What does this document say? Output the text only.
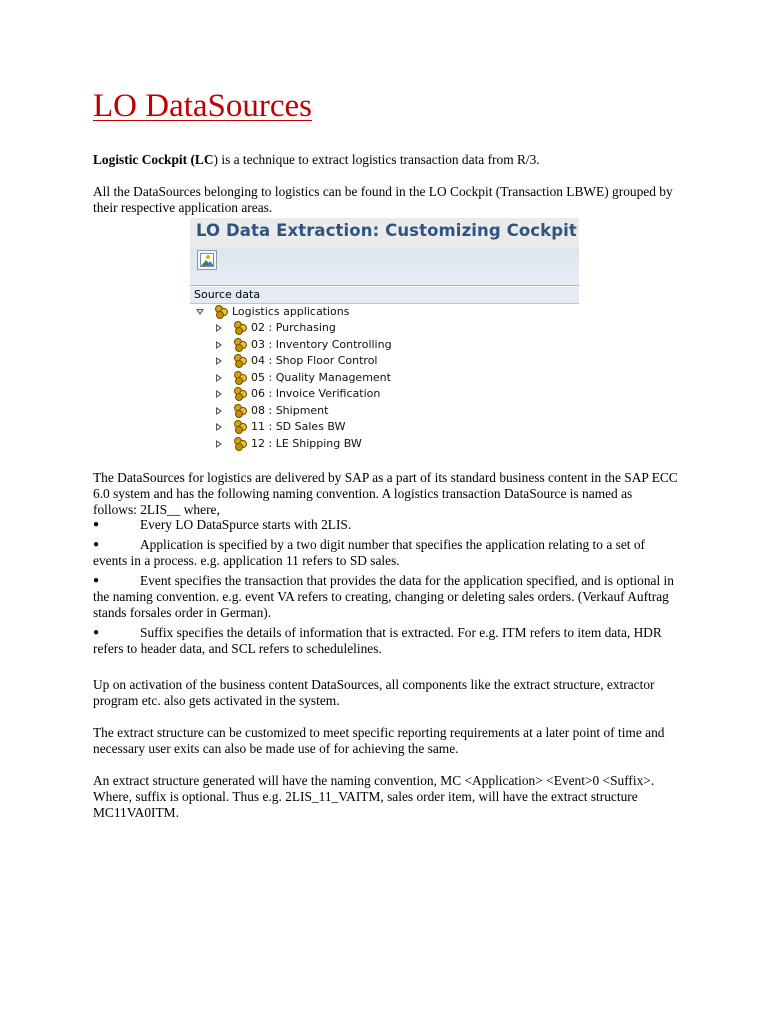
LO DataSources

Logistic Cockpit (LC) is a technique to extract logistics transaction data from R/3.

All the DataSources belonging to logistics can be found in the LO Cockpit (Transaction LBWE) grouped by their respective application areas.

LO Data Extraction: Customizing Cockpit
Source data
Logistics applications
02 : Purchasing
03 : Inventory Controlling
04 : Shop Floor Control
05 : Quality Management
06 : Invoice Verification
08 : Shipment
11 : SD Sales BW
12 : LE Shipping BW

The DataSources for logistics are delivered by SAP as a part of its standard business content in the SAP ECC 6.0 system and has the following naming convention. A logistics transaction DataSource is named as follows: 2LIS__ where,

●	Every LO DataSpurce starts with 2LIS.
●	Application is specified by a two digit number that specifies the application relating to a set of events in a process. e.g. application 11 refers to SD sales.
●	Event specifies the transaction that provides the data for the application specified, and is optional in the naming convention. e.g. event VA refers to creating, changing or deleting sales orders. (Verkauf Auftrag stands forsales order in German).
●	Suffix specifies the details of information that is extracted. For e.g. ITM refers to item data, HDR refers to header data, and SCL refers to schedulelines.

Up on activation of the business content DataSources, all components like the extract structure, extractor program etc. also gets activated in the system.

The extract structure can be customized to meet specific reporting requirements at a later point of time and necessary user exits can also be made use of for achieving the same.

An extract structure generated will have the naming convention, MC <Application> <Event>0 <Suffix>. Where, suffix is optional. Thus e.g. 2LIS_11_VAITM, sales order item, will have the extract structure MC11VA0ITM.
